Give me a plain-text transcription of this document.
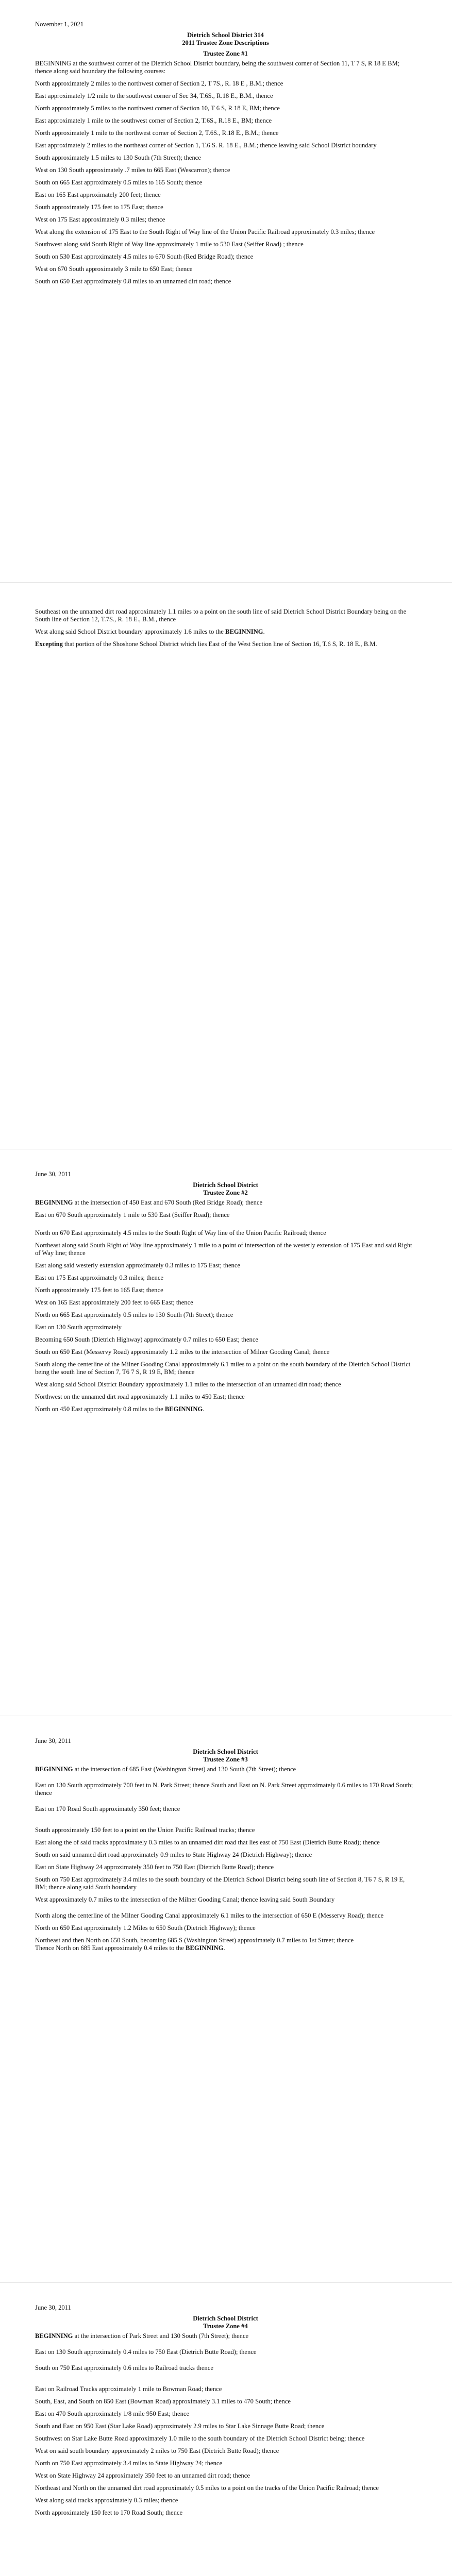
November 1, 2021

Dietrich School District 314

2011 Trustee Zone Descriptions

Trustee Zone #1

BEGINNING at the southwest corner of the Dietrich School District boundary, being the southwest corner of Section 11, T 7 S, R 18 E BM; thence along said boundary the following courses:

North approximately 2 miles to the northwest corner of Section 2, T 7S., R. 18 E , B.M.; thence

East approximately 1/2 mile to the southwest corner of Sec 34, T.6S., R.18 E., B.M., thence

North approximately 5 miles to the northwest corner of Section 10, T 6 S, R 18 E, BM; thence

East approximately 1 mile to the southwest corner of Section 2, T.6S., R.18 E., BM; thence

North approximately 1 mile to the northwest corner of Section 2, T.6S., R.18 E., B.M.; thence

East approximately 2 miles to the northeast corner of Section 1, T.6 S. R. 18 E., B.M.; thence leaving said School District boundary

South approximately 1.5 miles to 130 South (7th Street); thence

West on 130 South approximately .7 miles to 665 East (Wescarron); thence

South on 665 East approximately 0.5 miles to 165 South; thence

East on 165 East approximately 200 feet; thence

South approximately 175 feet to 175 East; thence

West on 175 East approximately 0.3 miles; thence

West along the extension of 175 East to the South Right of Way line of the Union Pacific Railroad approximately 0.3 miles; thence

Southwest along said South Right of Way line approximately 1 mile to 530 East (Seiffer Road) ; thence

South on 530 East approximately 4.5 miles to 670 South (Red Bridge Road); thence

West on 670 South approximately 3 mile to 650 East; thence

South on 650 East approximately 0.8 miles to an unnamed dirt road; thence

Southeast on the unnamed dirt road approximately 1.1 miles to a point on the south line of said Dietrich School District Boundary being on the South line of Section 12, T.7S., R. 18 E., B.M., thence

West along said School District boundary approximately 1.6 miles to the BEGINNING.

Excepting that portion of the Shoshone School District which lies East of the West Section line of Section 16, T.6 S, R. 18 E., B.M.

June 30, 2011

Dietrich School District

Trustee Zone #2

BEGINNING at the intersection of 450 East and 670 South (Red Bridge Road); thence

East on 670 South approximately 1 mile to 530 East (Seiffer Road); thence

North on 670 East approximately 4.5 miles to the South Right of Way line of the Union Pacific Railroad; thence

Northeast along said South Right of Way line approximately 1 mile to a point of intersection of the westerly extension of 175 East and said Right of Way line; thence

East along said westerly extension approximately 0.3 miles to 175 East; thence

East on 175 East approximately 0.3 miles; thence

North approximately 175 feet to 165 East; thence

West on 165 East approximately 200 feet to 665 East; thence

North on 665 East approximately 0.5 miles to 130 South (7th Street); thence

East on 130 South approximately

Becoming 650 South (Dietrich Highway) approximately 0.7 miles to 650 East; thence

South on 650 East (Messervy Road) approximately 1.2 miles to the intersection of Milner Gooding Canal; thence

South along the centerline of the Milner Gooding Canal approximately 6.1 miles to a point on the south boundary of the Dietrich School District being the south line of Section 7, T6 7 S, R 19 E, BM; thence

West along said School District Boundary approximately 1.1 miles to the intersection of an unnamed dirt road; thence

Northwest on the unnamed dirt road approximately 1.1 miles to 450 East; thence

North on 450 East approximately 0.8 miles to the BEGINNING.

June 30, 2011

Dietrich School District

Trustee Zone #3

BEGINNING at the intersection of 685 East (Washington Street) and 130 South (7th Street); thence

East on 130 South approximately 700 feet to N. Park Street; thence South and East on N. Park Street approximately 0.6 miles to 170 Road South; thence

East on 170 Road South approximately 350 feet; thence

South approximately 150 feet to a point on the Union Pacific Railroad tracks; thence

East along the of said tracks approximately 0.3 miles to an unnamed dirt road that lies east of 750 East (Dietrich Butte Road); thence

South on said unnamed dirt road approximately 0.9 miles to State Highway 24 (Dietrich Highway); thence

East on State Highway 24 approximately 350 feet to 750 East (Dietrich Butte Road); thence

South on 750 East approximately 3.4 miles to the south boundary of the Dietrich School District being south line of Section 8, T6 7 S, R 19 E, BM; thence along said South boundary

West approximately 0.7 miles to the intersection of the Milner Gooding Canal; thence leaving said South Boundary

North along the centerline of the Milner Gooding Canal approximately 6.1 miles to the intersection of 650 E (Messervy Road); thence

North on 650 East approximately 1.2 Miles to 650 South (Dietrich Highway); thence

Northeast and then North on 650 South, becoming 685 S (Washington Street) approximately 0.7 miles to 1st Street; thence
Thence North on 685 East approximately 0.4 miles to the BEGINNING.

June 30, 2011

Dietrich School District

Trustee Zone #4

BEGINNING at the intersection of Park Street and 130 South (7th Street); thence

East on 130 South approximately 0.4 miles to 750 East (Dietrich Butte Road); thence

South on 750 East approximately 0.6 miles to Railroad tracks thence

East on Railroad Tracks approximately 1 mile to Bowman Road; thence

South, East, and South on 850 East (Bowman Road) approximately 3.1 miles to 470 South; thence

East on 470 South approximately 1/8 mile 950 East; thence

South and East on 950 East (Star Lake Road) approximately 2.9 miles to Star Lake Sinnage Butte Road; thence

Southwest on Star Lake Butte Road approximately 1.0 mile to the south boundary of the Dietrich School District being; thence

West on said south boundary approximately 2 miles to 750 East (Dietrich Butte Road); thence

North on 750 East approximately 3.4 miles to State Highway 24; thence

West on State Highway 24 approximately 350 feet to an unnamed dirt road; thence

Northeast and North on the unnamed dirt road approximately 0.5 miles to a point on the tracks of the Union Pacific Railroad; thence

West along said tracks approximately 0.3 miles; thence

North approximately 150 feet to 170 Road South; thence
